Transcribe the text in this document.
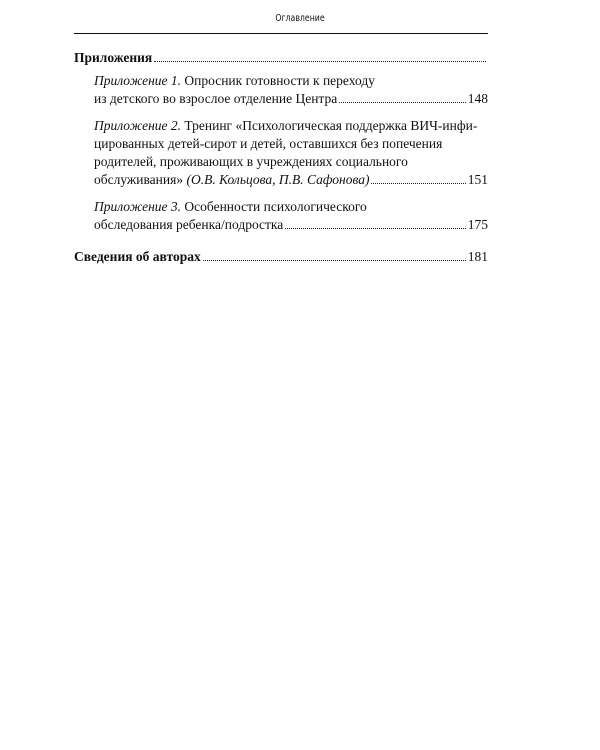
Оглавление
Приложения
Приложение 1. Опросник готовности к переходу
из детского во взрослое отделение Центра	148
Приложение 2. Тренинг «Психологическая поддержка ВИЧ-инфи-
цированных детей-сирот и детей, оставшихся без попечения
родителей, проживающих в учреждениях социального
обслуживания» (О.В. Кольцова, П.В. Сафонова)	151
Приложение 3. Особенности психологического
обследования ребенка/подростка	175
Сведения об авторах	181
